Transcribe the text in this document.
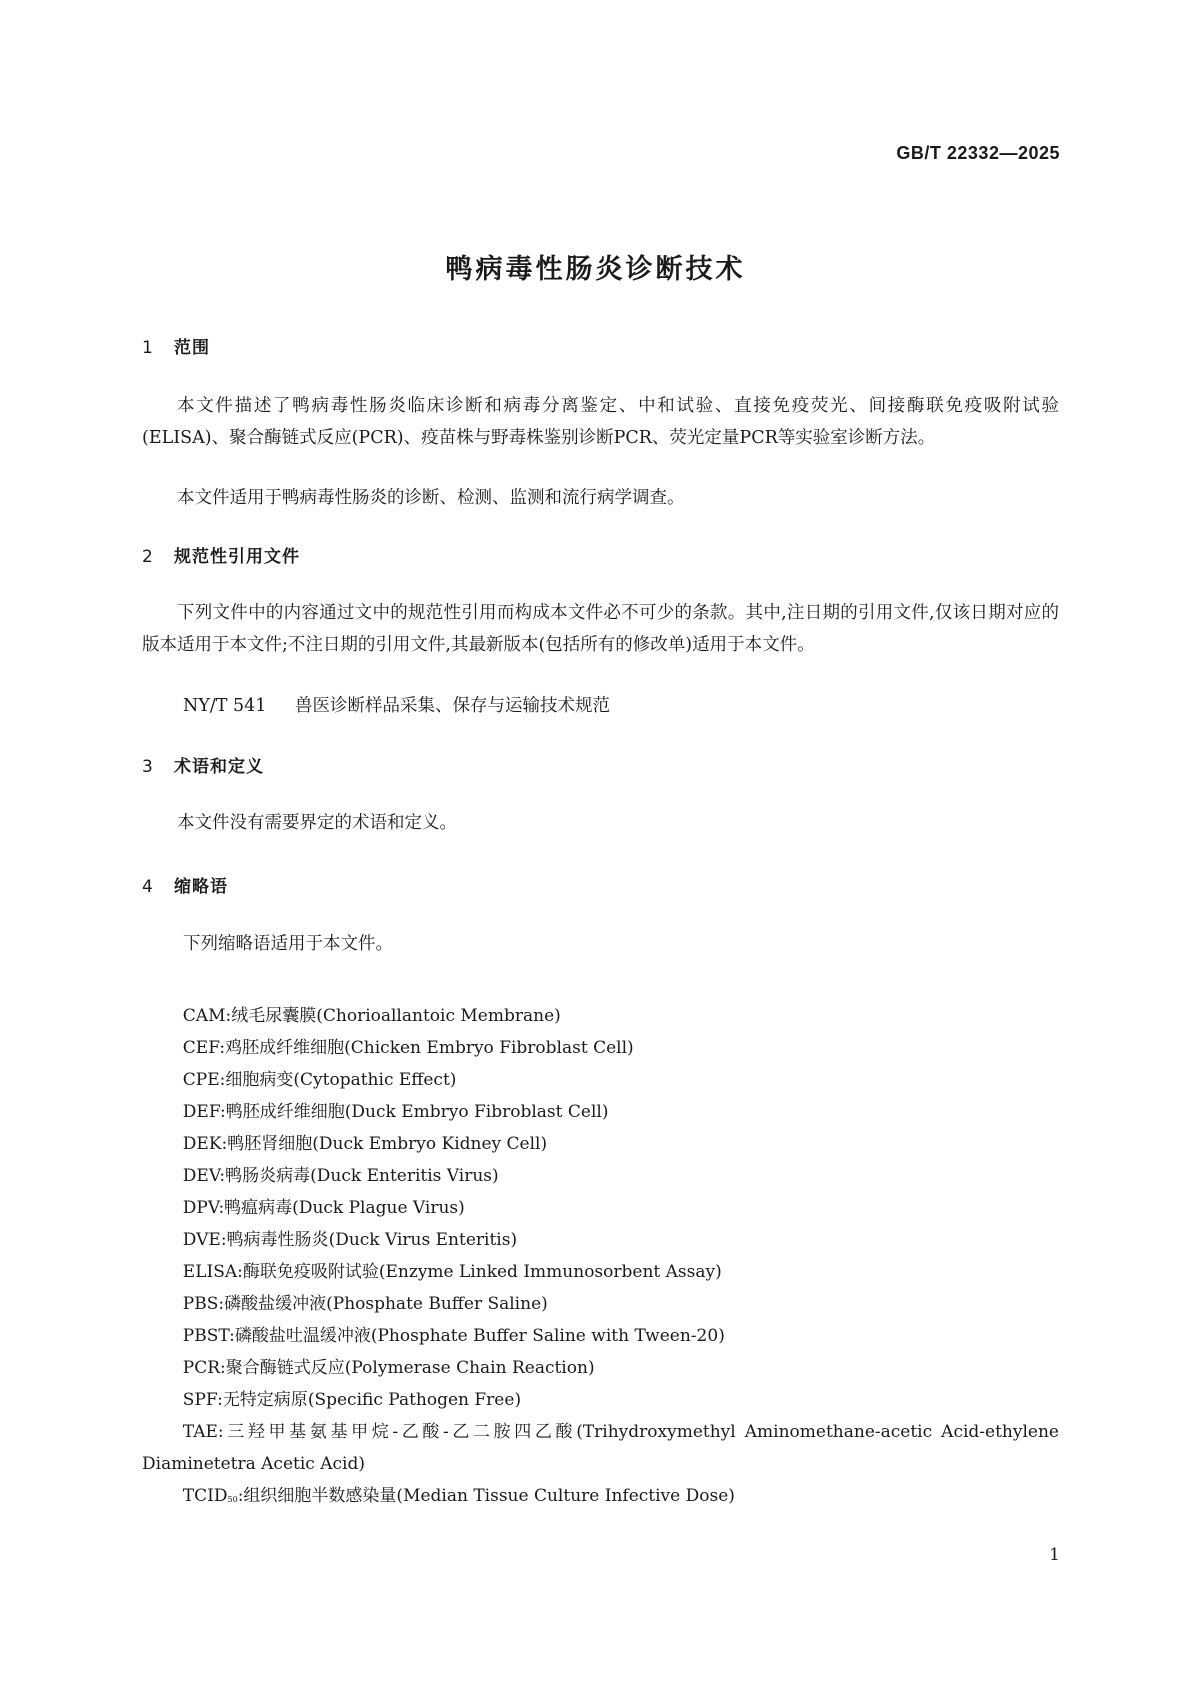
GB/T 22332—2025
鸭病毒性肠炎诊断技术
1 范围

本文件描述了鸭病毒性肠炎临床诊断和病毒分离鉴定、中和试验、直接免疫荧光、间接酶联免疫吸附试验(ELISA)、聚合酶链式反应(PCR)、疫苗株与野毒株鉴别诊断PCR、荧光定量PCR等实验室诊断方法。

本文件适用于鸭病毒性肠炎的诊断、检测、监测和流行病学调查。

2 规范性引用文件

下列文件中的内容通过文中的规范性引用而构成本文件必不可少的条款。其中,注日期的引用文件,仅该日期对应的版本适用于本文件;不注日期的引用文件,其最新版本(包括所有的修改单)适用于本文件。

NY/T 541 兽医诊断样品采集、保存与运输技术规范
3 术语和定义

本文件没有需要界定的术语和定义。

4 缩略语
下列缩略语适用于本文件。
CAM:绒毛尿囊膜(Chorioallantoic Membrane)
CEF:鸡胚成纤维细胞(Chicken Embryo Fibroblast Cell)
CPE:细胞病变(Cytopathic Effect)
DEF:鸭胚成纤维细胞(Duck Embryo Fibroblast Cell)
DEK:鸭胚肾细胞(Duck Embryo Kidney Cell)
DEV:鸭肠炎病毒(Duck Enteritis Virus)
DPV:鸭瘟病毒(Duck Plague Virus)
DVE:鸭病毒性肠炎(Duck Virus Enteritis)
ELISA:酶联免疫吸附试验(Enzyme Linked Immunosorbent Assay)
PBS:磷酸盐缓冲液(Phosphate Buffer Saline)
PBST:磷酸盐吐温缓冲液(Phosphate Buffer Saline with Tween-20)
PCR:聚合酶链式反应(Polymerase Chain Reaction)
SPF:无特定病原(Specific Pathogen Free)
TAE:三羟甲基氨基甲烷-乙酸-乙二胺四乙酸(Trihydroxymethyl Aminomethane-acetic Acid-ethylene Diaminetetra Acetic Acid)
$TCID_{50}$:组织细胞半数感染量(Median Tissue Culture Infective Dose)
1
